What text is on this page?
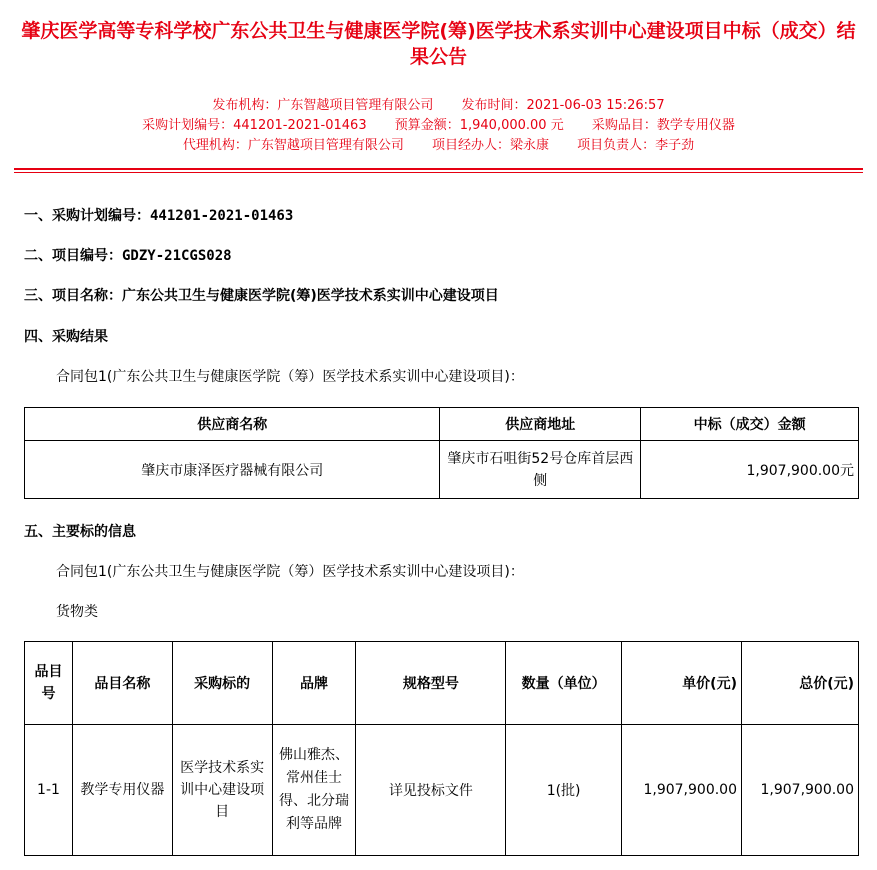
肇庆医学高等专科学校广东公共卫生与健康医学院(筹)医学技术系实训中心建设项目中标（成交）结果公告
发布机构：广东智越项目管理有限公司 发布时间：2021-06-03 15:26:57
采购计划编号：441201-2021-01463 预算金额：1,940,000.00 元 采购品目：教学专用仪器
代理机构：广东智越项目管理有限公司 项目经办人：梁永康 项目负责人：李子劲
一、采购计划编号：441201-2021-01463
二、项目编号：GDZY-21CGS028
三、项目名称：广东公共卫生与健康医学院(筹)医学技术系实训中心建设项目
四、采购结果
合同包1(广东公共卫生与健康医学院（筹）医学技术系实训中心建设项目)：
供应商名称	供应商地址	中标（成交）金额
肇庆市康泽医疗器械有限公司	肇庆市石咀街52号仓库首层西侧	1,907,900.00元
五、主要标的信息
合同包1(广东公共卫生与健康医学院（筹）医学技术系实训中心建设项目)：
货物类
品目号	品目名称	采购标的	品牌	规格型号	数量（单位）	单价(元)	总价(元)
1-1	教学专用仪器	医学技术系实训中心建设项目	佛山雅杰、常州佳士得、北分瑞利等品牌	详见投标文件	1(批)	1,907,900.00	1,907,900.00
